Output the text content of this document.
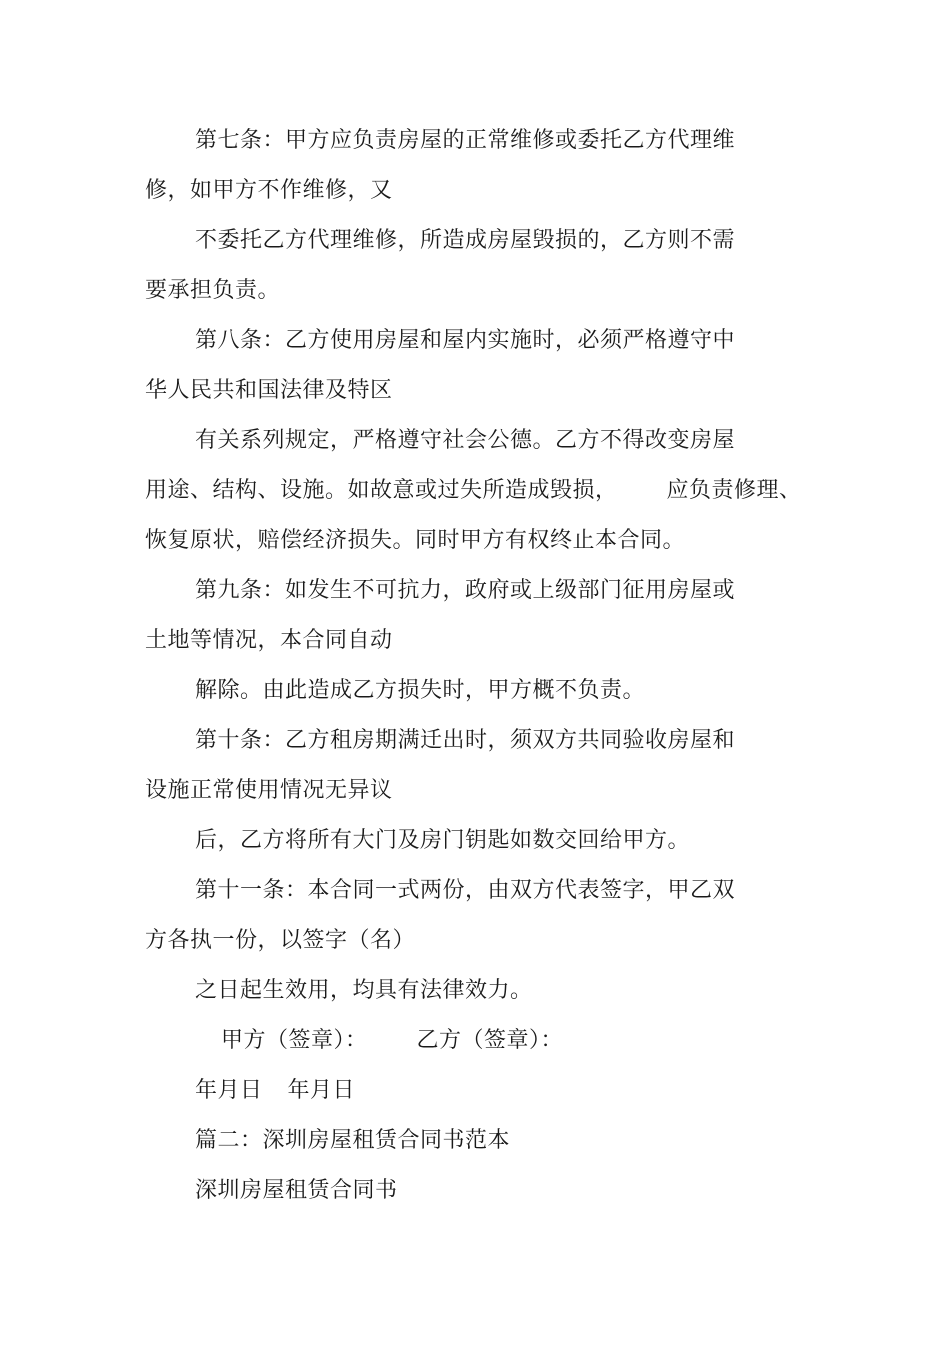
第七条：甲方应负责房屋的正常维修或委托乙方代理维
修，如甲方不作维修，又
不委托乙方代理维修，所造成房屋毁损的，乙方则不需
要承担负责。
第八条：乙方使用房屋和屋内实施时，必须严格遵守中
华人民共和国法律及特区
有关系列规定，严格遵守社会公德。乙方不得改变房屋
用途、结构、设施。如故意或过失所造成毁损， 应负责修理、
恢复原状，赔偿经济损失。同时甲方有权终止本合同。
第九条：如发生不可抗力，政府或上级部门征用房屋或
土地等情况，本合同自动
解除。由此造成乙方损失时，甲方概不负责。
第十条：乙方租房期满迁出时，须双方共同验收房屋和
设施正常使用情况无异议
后，乙方将所有大门及房门钥匙如数交回给甲方。
第十一条：本合同一式两份，由双方代表签字，甲乙双
方各执一份，以签字（名）
之日起生效用，均具有法律效力。
甲方（签章）： 乙方（签章）：
年月日 年月日
篇二：深圳房屋租赁合同书范本
深圳房屋租赁合同书
